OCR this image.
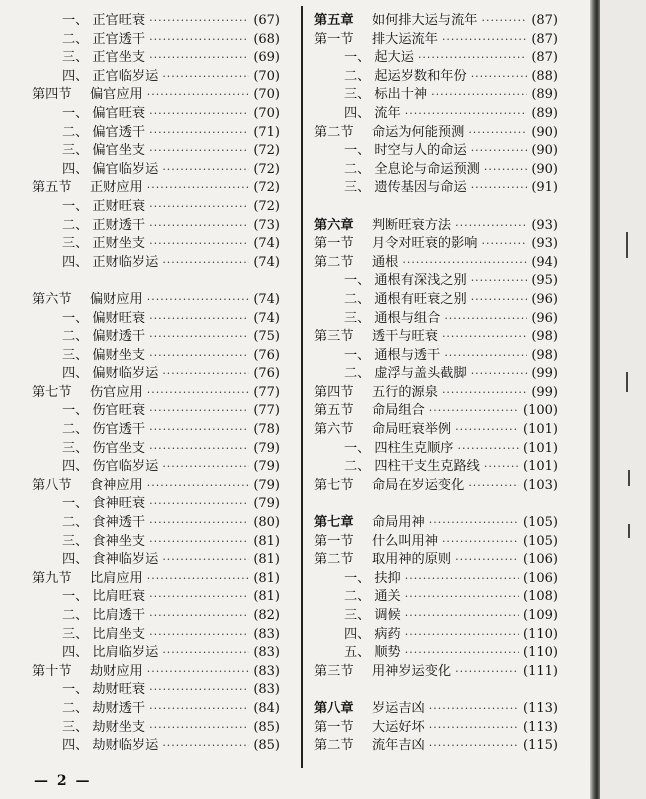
一、 正官旺衰 ·····	(67)
二、 正官透干 ·····	(68)
三、 正官坐支 ·····	(69)
四、 正官临岁运 ·····	(70)
第四节	偏官应用 ·····	(70)
一、 偏官旺衰 ·····	(70)
二、 偏官透干 ·····	(71)
三、 偏官坐支 ·····	(72)
四、 偏官临岁运 ·····	(72)
第五节	正财应用 ·····	(72)
一、 正财旺衰 ·····	(72)
二、 正财透干 ·····	(73)
三、 正财坐支 ·····	(74)
四、 正财临岁运 ·····	(74)
第六节	偏财应用 ·····	(74)
一、 偏财旺衰 ·····	(74)
二、 偏财透干 ·····	(75)
三、 偏财坐支 ·····	(76)
四、 偏财临岁运 ·····	(76)
第七节	伤官应用 ·····	(77)
一、 伤官旺衰 ·····	(77)
二、 伤官透干 ·····	(78)
三、 伤官坐支 ·····	(79)
四、 伤官临岁运 ·····	(79)
第八节	食神应用 ·····	(79)
一、 食神旺衰 ·····	(79)
二、 食神透干 ·····	(80)
三、 食神坐支 ·····	(81)
四、 食神临岁运 ·····	(81)
第九节	比肩应用 ·····	(81)
一、 比肩旺衰 ·····	(81)
二、 比肩透干 ·····	(82)
三、 比肩坐支 ·····	(83)
四、 比肩临岁运 ·····	(83)
第十节	劫财应用 ·····	(83)
一、 劫财旺衰 ·····	(83)
二、 劫财透干 ·····	(84)
三、 劫财坐支 ·····	(85)
四、 劫财临岁运 ·····	(85)
第五章	如何排大运与流年 ·····	(87)
第一节	排大运流年 ·····	(87)
一、 起大运 ·····	(87)
二、 起运岁数和年份 ·····	(88)
三、 标出十神 ·····	(89)
四、 流年 ·····	(89)
第二节	命运为何能预测 ·····	(90)
一、 时空与人的命运 ·····	(90)
二、 全息论与命运预测 ·····	(90)
三、 遗传基因与命运 ·····	(91)
第六章	判断旺衰方法 ·····	(93)
第一节	月令对旺衰的影响 ·····	(93)
第二节	通根 ·····	(94)
一、 通根有深浅之别 ·····	(95)
二、 通根有旺衰之别 ·····	(96)
三、 通根与组合 ·····	(96)
第三节	透干与旺衰 ·····	(98)
一、 通根与透干 ·····	(98)
二、 虚浮与盖头截脚 ·····	(99)
第四节	五行的源泉 ·····	(99)
第五节	命局组合 ·····	(100)
第六节	命局旺衰举例 ·····	(101)
一、 四柱生克顺序 ·····	(101)
二、 四柱干支生克路线 ·····	(101)
第七节	命局在岁运变化 ·····	(103)
第七章	命局用神 ·····	(105)
第一节	什么叫用神 ·····	(105)
第二节	取用神的原则 ·····	(106)
一、 扶抑 ·····	(106)
二、 通关 ·····	(108)
三、 调候 ·····	(109)
四、 病药 ·····	(110)
五、 顺势 ·····	(110)
第三节	用神岁运变化 ·····	(111)
第八章	岁运吉凶 ·····	(113)
第一节	大运好坏 ·····	(113)
第二节	流年吉凶 ·····	(115)
— 2 —
